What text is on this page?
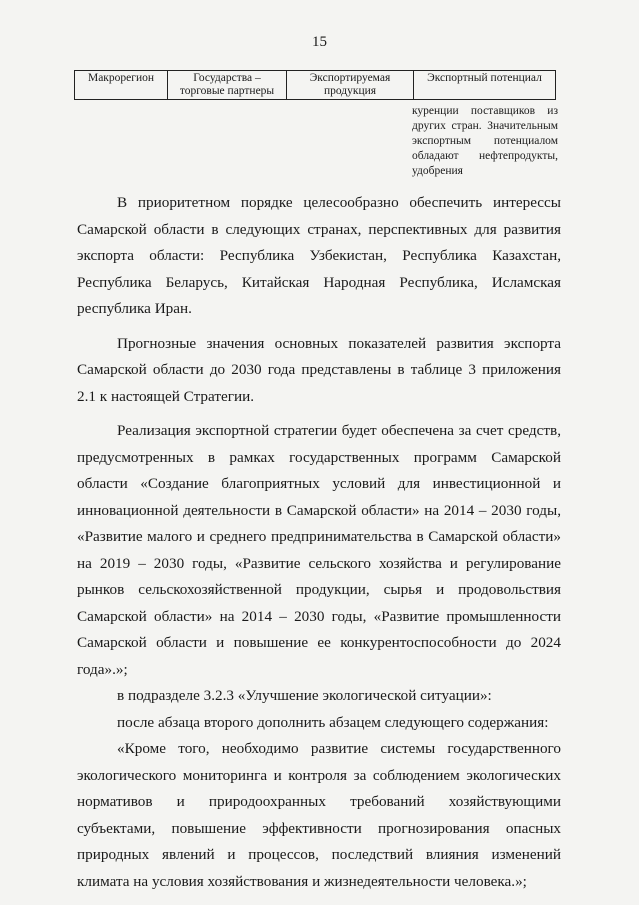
15
Макрорегион	Государства – торговые партнеры	Экспортируемая продукция	Экспортный потенциал
куренции поставщиков из других стран. Значительным экспортным потенциалом обладают нефтепродукты, удобрения

В приоритетном порядке целесообразно обеспечить интерессы Самарской области в следующих странах, перспективных для развития экспорта области: Республика Узбекистан, Республика Казахстан, Республика Беларусь, Китайская Народная Республика, Исламская республика Иран.

Прогнозные значения основных показателей развития экспорта Самарской области до 2030 года представлены в таблице 3 приложения 2.1 к настоящей Стратегии.

Реализация экспортной стратегии будет обеспечена за счет средств, предусмотренных в рамках государственных программ Самарской области «Создание благоприятных условий для инвестиционной и инновационной деятельности в Самарской области» на 2014 – 2030 годы, «Развитие малого и среднего предпринимательства в Самарской области» на 2019 – 2030 годы, «Развитие сельского хозяйства и регулирование рынков сельскохозяйственной продукции, сырья и продовольствия Самарской области» на 2014 – 2030 годы, «Развитие промышленности Самарской области и повышение ее конкурентоспособности до 2024 года».»;

в подразделе 3.2.3 «Улучшение экологической ситуации»:

после абзаца второго дополнить абзацем следующего содержания:

«Кроме того, необходимо развитие системы государственного экологического мониторинга и контроля за соблюдением экологических нормативов и природоохранных требований хозяйствующими субъектами, повышение эффективности прогнозирования опасных природных явлений и процессов, последствий влияния изменений климата на условия хозяйствования и жизнедеятельности человека.»;
